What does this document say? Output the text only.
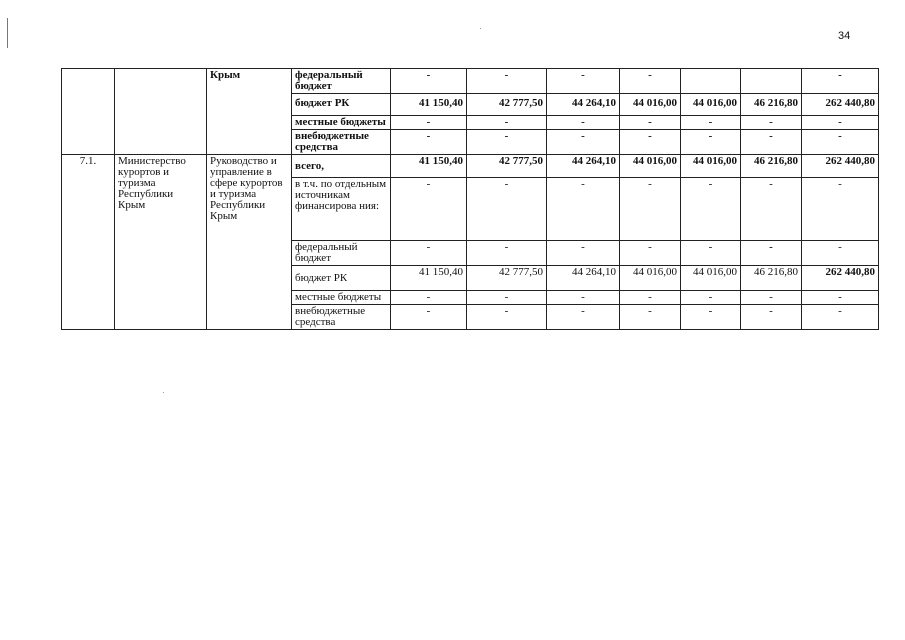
34
		Крым	федеральный бюджет	-	-	-	-			-
			бюджет РК	41 150,40	42 777,50	44 264,10	44 016,00	44 016,00	46 216,80	262 440,80
			местные бюджеты	-	-	-	-	-	-	-
			внебюджетные средства	-	-	-	-	-	-	-
7.1.	Министерство курортов и туризма Республики Крым	Руководство и управление в сфере курортов и туризма Республики Крым	всего,	41 150,40	42 777,50	44 264,10	44 016,00	44 016,00	46 216,80	262 440,80
			в т.ч. по отдельным источникам финансирова ния:	-	-	-	-	-	-	-
			федеральный бюджет	-	-	-	-	-	-	-
			бюджет РК	41 150,40	42 777,50	44 264,10	44 016,00	44 016,00	46 216,80	262 440,80
			местные бюджеты	-	-	-	-	-	-	-
			внебюджетные средства	-	-	-	-	-	-	-
